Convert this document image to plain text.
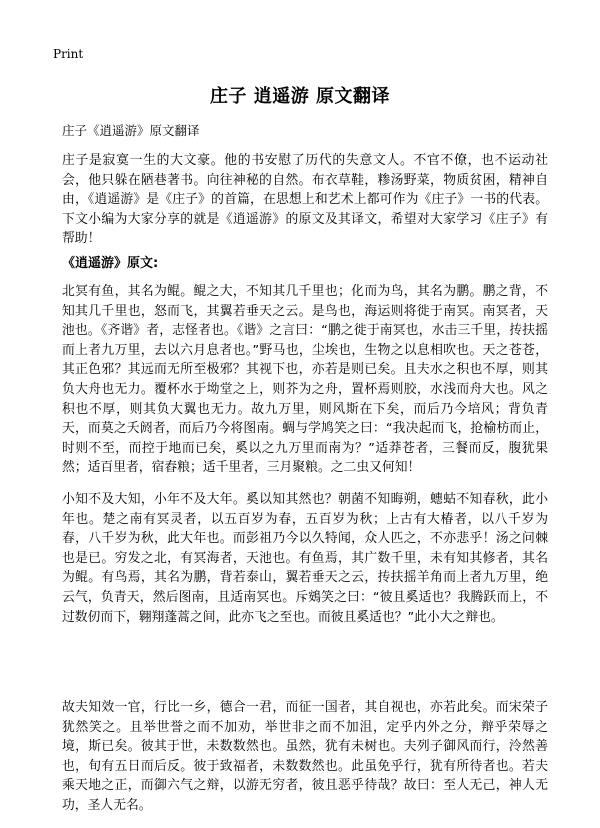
Print
庄子 逍遥游 原文翻译

庄子《逍遥游》原文翻译

庄子是寂寞一生的大文豪。他的书安慰了历代的失意文人。不官不僚，也不运动社会，他只躲在陋巷著书。向往神秘的自然。布衣草鞋，糁汤野菜，物质贫困，精神自由，《逍遥游》是《庄子》的首篇，在思想上和艺术上都可作为《庄子》一书的代表。下文小编为大家分享的就是《逍遥游》的原文及其译文，希望对大家学习《庄子》有帮助！

《逍遥游》原文:

北冥有鱼，其名为鲲。鲲之大，不知其几千里也；化而为鸟，其名为鹏。鹏之背，不知其几千里也，怒而飞，其翼若垂天之云。是鸟也，海运则将徙于南冥。南冥者，天池也。《齐谐》者，志怪者也。《谐》之言曰：“鹏之徙于南冥也，水击三千里，抟扶摇而上者九万里，去以六月息者也。”野马也，尘埃也，生物之以息相吹也。天之苍苍，其正色邪？其远而无所至极邪？其视下也，亦若是则已矣。且夫水之积也不厚，则其负大舟也无力。覆杯水于坳堂之上，则芥为之舟，置杯焉则胶，水浅而舟大也。风之积也不厚，则其负大翼也无力。故九万里，则风斯在下矣，而后乃今培风；背负青天，而莫之夭阏者，而后乃今将图南。蜩与学鸠笑之曰：“我决起而飞，抢榆枋而止，时则不至，而控于地而已矣，奚以之九万里而南为？”适莽苍者，三餐而反，腹犹果然；适百里者，宿舂粮；适千里者，三月聚粮。之二虫又何知！

小知不及大知，小年不及大年。奚以知其然也？朝菌不知晦朔，蟪蛄不知春秋，此小年也。楚之南有冥灵者，以五百岁为春，五百岁为秋；上古有大椿者，以八千岁为春，八千岁为秋，此大年也。而彭祖乃今以久特闻，众人匹之，不亦悲乎！汤之问棘也是已。穷发之北，有冥海者，天池也。有鱼焉，其广数千里，未有知其修者，其名为鲲。有鸟焉，其名为鹏，背若泰山，翼若垂天之云，抟扶摇羊角而上者九万里，绝云气，负青天，然后图南，且适南冥也。斥鴳笑之曰：“彼且奚适也？我腾跃而上，不过数仞而下，翱翔蓬蒿之间，此亦飞之至也。而彼且奚适也？”此小大之辩也。

故夫知效一官，行比一乡，德合一君，而征一国者，其自视也，亦若此矣。而宋荣子犹然笑之。且举世誉之而不加劝，举世非之而不加沮，定乎内外之分，辩乎荣辱之境，斯已矣。彼其于世，未数数然也。虽然，犹有未树也。夫列子御风而行，泠然善也，旬有五日而后反。彼于致福者，未数数然也。此虽免乎行，犹有所待者也。若夫乘天地之正，而御六气之辩，以游无穷者，彼且恶乎待哉？故曰：至人无己，神人无功，圣人无名。
